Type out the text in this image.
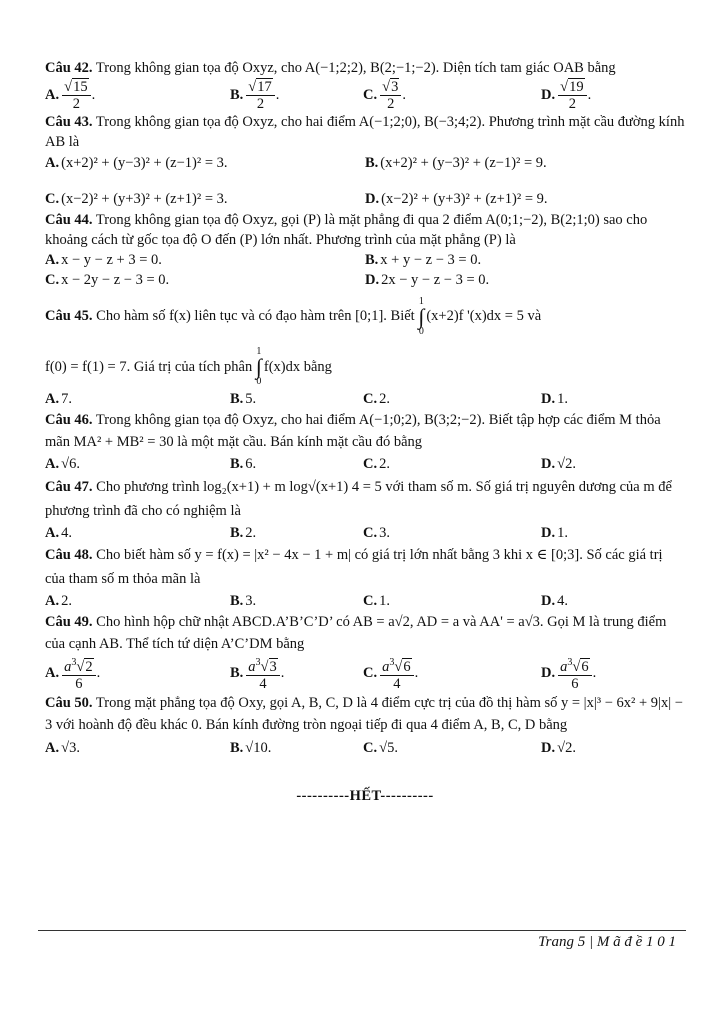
Câu 42. Trong không gian tọa độ Oxyz, cho A(−1;2;2), B(2;−1;−2). Diện tích tam giác OAB bằng

A. $\frac{√15}{2}$ .	B. $\frac{√17}{2}$ .	C. $\frac{√3}{2}$ .	D. $\frac{√19}{2}$ .

Câu 43. Trong không gian tọa độ Oxyz, cho hai điểm A(−1;2;0), B(−3;4;2). Phương trình mặt cầu đường kính AB là

A. (x+2)² + (y−3)² + (z−1)² = 3.	B. (x+2)² + (y−3)² + (z−1)² = 9.
C. (x−2)² + (y+3)² + (z+1)² = 3.	D. (x−2)² + (y+3)² + (z+1)² = 9.

Câu 44. Trong không gian tọa độ Oxyz, gọi (P) là mặt phẳng đi qua 2 điểm A(0;1;−2), B(2;1;0) sao cho khoảng cách từ gốc tọa độ O đến (P) lớn nhất. Phương trình của mặt phẳng (P) là

A. x − y − z + 3 = 0.	B. x + y − z − 3 = 0.
C. x − 2y − z − 3 = 0.	D. 2x − y − z − 3 = 0.

Câu 45. Cho hàm số f(x) liên tục và có đạo hàm trên [0;1]. Biết
1
∫
0
(x+2)f '(x)dx = 5 và

f(0) = f(1) = 7. Giá trị của tích phân
1
∫
0
f(x)dx bằng

A. 7.	B. 5.	C. 2.	D. 1.

Câu 46. Trong không gian tọa độ Oxyz, cho hai điểm A(−1;0;2), B(3;2;−2). Biết tập hợp các điểm M thỏa mãn MA² + MB² = 30 là một mặt cầu. Bán kính mặt cầu đó bằng

A. √6.	B. 6.	C. 2.	D. √2.

Câu 47. Cho phương trình log₂(x+1) + m log√(x+1) 4 = 5 với tham số m. Số giá trị nguyên dương của m để phương trình đã cho có nghiệm là

A. 4.	B. 2.	C. 3.	D. 1.

Câu 48. Cho biết hàm số y = f(x) = |x² − 4x − 1 + m| có giá trị lớn nhất bằng 3 khi x ∈ [0;3]. Số các giá trị của tham số m thỏa mãn là

A. 2.	B. 3.	C. 1.	D. 4.

Câu 49. Cho hình hộp chữ nhật ABCD.A’B’C’D’ có AB = a√2, AD = a và AA' = a√3. Gọi M là trung điểm của cạnh AB. Thể tích tứ diện A’C’DM bằng

A. $\frac{a^3√2}{6}$ .	B. $\frac{a^3√3}{4}$ .	C. $\frac{a^3√6}{4}$ .	D. $\frac{a^3√6}{6}$ .

Câu 50. Trong mặt phẳng tọa độ Oxy, gọi A, B, C, D là 4 điểm cực trị của đồ thị hàm số y = |x|³ − 6x² + 9|x| − 3 với hoành độ đều khác 0. Bán kính đường tròn ngoại tiếp đi qua 4 điểm A, B, C, D bằng

A. √3.	B. √10.	C. √5.	D. √2.
----------HẾT----------
Trang 5 | M ã đ ề 1 0 1
